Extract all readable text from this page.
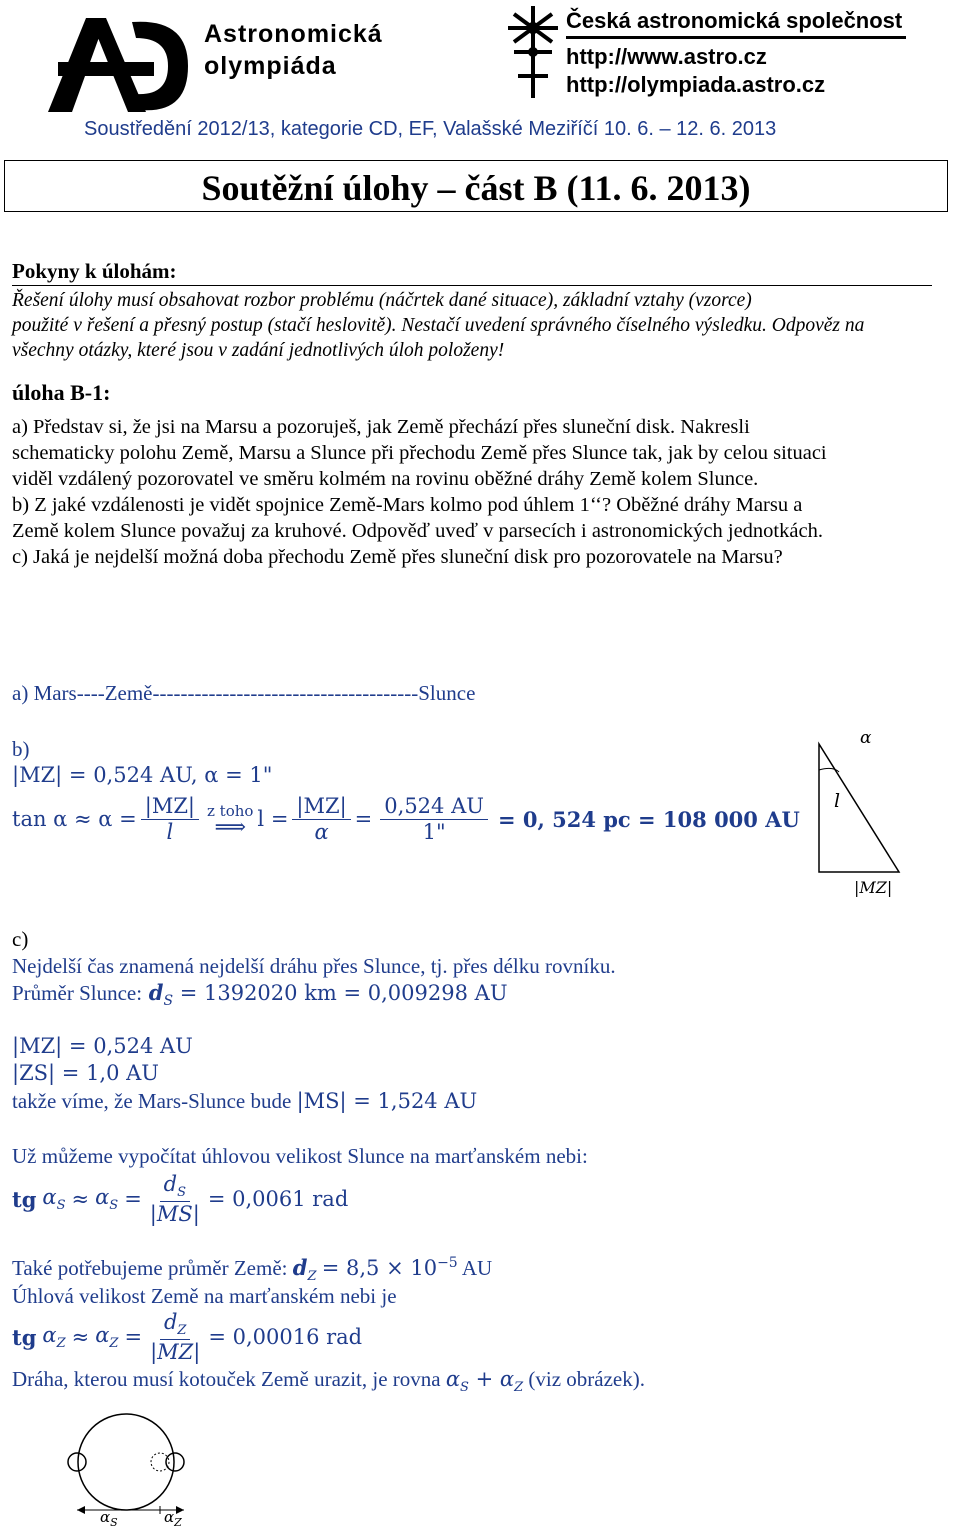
Astronomická
olympiáda
Česká astronomická společnost
http://www.astro.cz
http://olympiada.astro.cz
Soustředění 2012/13, kategorie CD, EF, Valašské Meziříčí 10. 6. – 12. 6. 2013
Soutěžní úlohy – část B (11. 6. 2013)
Pokyny k úlohám:
Řešení úlohy musí obsahovat rozbor problému (náčrtek dané situace), základní vztahy (vzorce)
použité v řešení a přesný postup (stačí heslovitě). Nestačí uvedení správného číselného výsledku. Odpověz na
všechny otázky, které jsou v zadání jednotlivých úloh položeny!
úloha B-1:
a) Představ si, že jsi na Marsu a pozoruješ, jak Země přechází přes sluneční disk. Nakresli
schematicky polohu Země, Marsu a Slunce při přechodu Země přes Slunce tak, jak by celou situaci
viděl vzdálený pozorovatel ve směru kolmém na rovinu oběžné dráhy Země kolem Slunce.
b) Z jaké vzdálenosti je vidět spojnice Země-Mars kolmo pod úhlem 1‘‘? Oběžné dráhy Marsu a
Země kolem Slunce považuj za kruhové. Odpověď uveď v parsecích i astronomických jednotkách.
c) Jaká je nejdelší možná doba přechodu Země přes sluneční disk pro pozorovatele na Marsu?
a) Mars----Země--------------------------------------Slunce
b)
|MZ| = 0,524 AU, α = 1"
$\tan \alpha \approx \alpha = \frac{|MZ|}{l}$ z toho
⟹ $l = \frac{|MZ|}{\alpha} = \frac{0,524 AU}{1"} = 0$, 524 pc = 108 000 AU
α
l
|MZ|
c)
Nejdelší čas znamená nejdelší dráhu přes Slunce, tj. přes délku rovníku.
Průměr Slunce: $d_S = 1392020$ km = 0,009298 AU
|MZ| = 0,524 AU
|ZS| = 1,0 AU
takže víme, že Mars-Slunce bude |MS| = 1,524 AU
Už můžeme vypočítat úhlovou velikost Slunce na marťanském nebi:
tg $\alpha_S \approx \alpha_S = \frac{d_S}{|MS|} = 0,0061$ rad
Také potřebujeme průměr Země: $d_Z = 8,5 \times 10^{-5}$ AU
Úhlová velikost Země na marťanském nebi je
tg $\alpha_Z \approx \alpha_Z = \frac{d_Z}{|MZ|} = 0,00016$ rad
Dráha, kterou musí kotouček Země urazit, je rovna $\alpha_S + \alpha_Z$ (viz obrázek).
$\alpha_S$	$\alpha_Z$
